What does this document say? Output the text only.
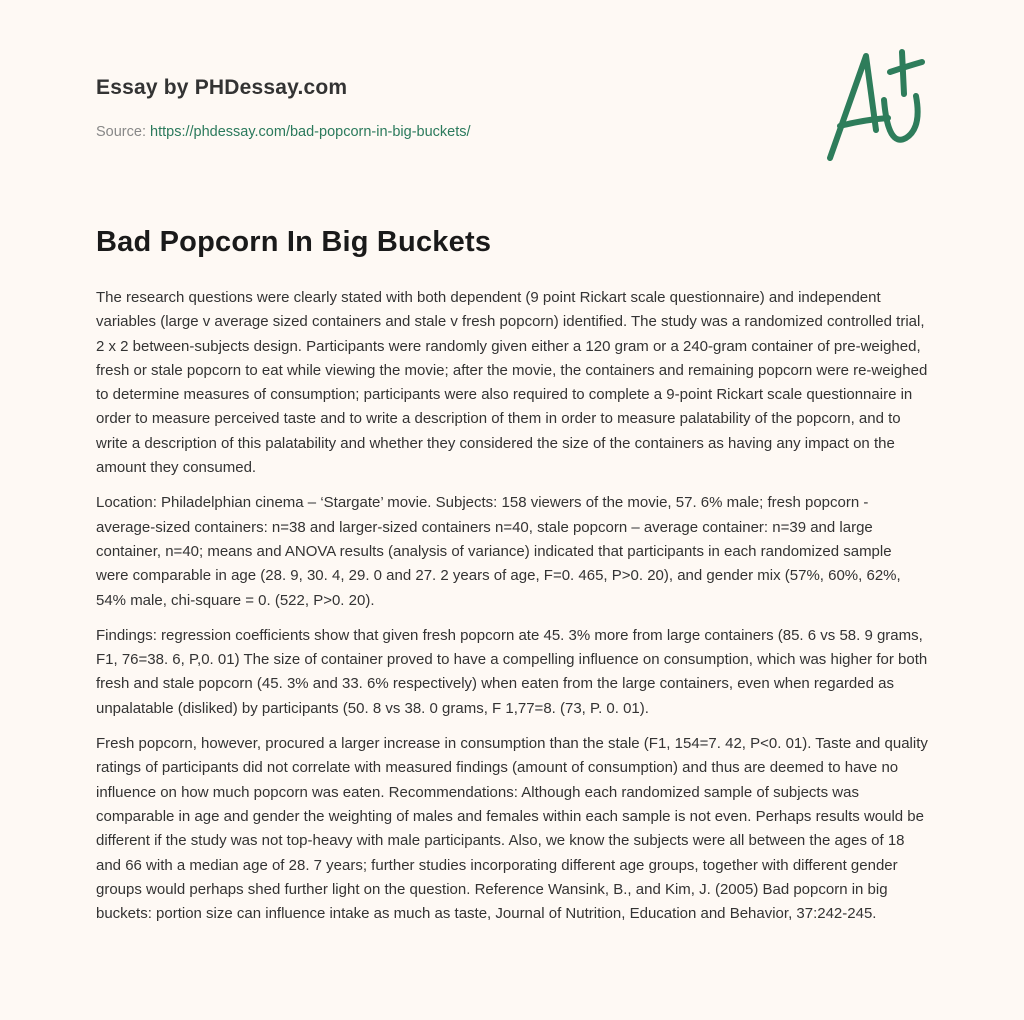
Essay by PHDessay.com
Source: https://phdessay.com/bad-popcorn-in-big-buckets/
Bad Popcorn In Big Buckets

The research questions were clearly stated with both dependent (9 point Rickart scale questionnaire) and independent variables (large v average sized containers and stale v fresh popcorn) identified. The study was a randomized controlled trial, 2 x 2 between-subjects design. Participants were randomly given either a 120 gram or a 240-gram container of pre-weighed, fresh or stale popcorn to eat while viewing the movie; after the movie, the containers and remaining popcorn were re-weighed to determine measures of consumption; participants were also required to complete a 9-point Rickart scale questionnaire in order to measure perceived taste and to write a description of them in order to measure palatability of the popcorn, and to write a description of this palatability and whether they considered the size of the containers as having any impact on the amount they consumed.

Location: Philadelphian cinema – ‘Stargate’ movie. Subjects: 158 viewers of the movie, 57. 6% male; fresh popcorn - average-sized containers: n=38 and larger-sized containers n=40, stale popcorn – average container: n=39 and large container, n=40; means and ANOVA results (analysis of variance) indicated that participants in each randomized sample were comparable in age (28. 9, 30. 4, 29. 0 and 27. 2 years of age, F=0. 465, P>0. 20), and gender mix (57%, 60%, 62%, 54% male, chi-square = 0. (522, P>0. 20).

Findings: regression coefficients show that given fresh popcorn ate 45. 3% more from large containers (85. 6 vs 58. 9 grams, F1, 76=38. 6, P,0. 01) The size of container proved to have a compelling influence on consumption, which was higher for both fresh and stale popcorn (45. 3% and 33. 6% respectively) when eaten from the large containers, even when regarded as unpalatable (disliked) by participants (50. 8 vs 38. 0 grams, F 1,77=8. (73, P. 0. 01).

Fresh popcorn, however, procured a larger increase in consumption than the stale (F1, 154=7. 42, P<0. 01). Taste and quality ratings of participants did not correlate with measured findings (amount of consumption) and thus are deemed to have no influence on how much popcorn was eaten. Recommendations: Although each randomized sample of subjects was comparable in age and gender the weighting of males and females within each sample is not even. Perhaps results would be different if the study was not top-heavy with male participants. Also, we know the subjects were all between the ages of 18 and 66 with a median age of 28. 7 years; further studies incorporating different age groups, together with different gender groups would perhaps shed further light on the question. Reference Wansink, B., and Kim, J. (2005) Bad popcorn in big buckets: portion size can influence intake as much as taste, Journal of Nutrition, Education and Behavior, 37:242-245.
